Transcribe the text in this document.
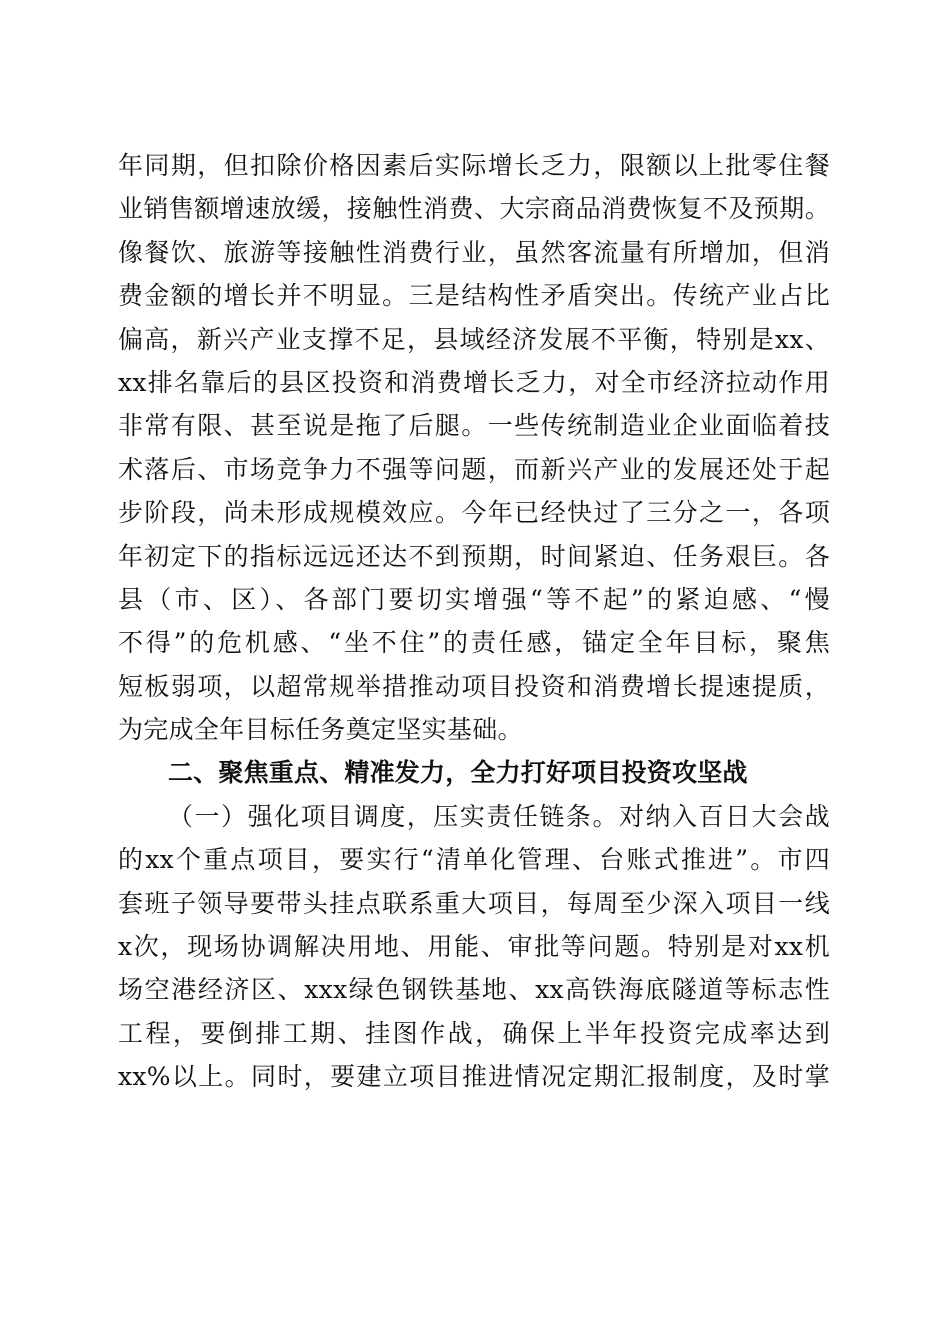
年同期，但扣除价格因素后实际增长乏力，限额以上批零住餐
业销售额增速放缓，接触性消费、大宗商品消费恢复不及预期。
像餐饮、旅游等接触性消费行业，虽然客流量有所增加，但消
费金额的增长并不明显。三是结构性矛盾突出。传统产业占比
偏高，新兴产业支撑不足，县域经济发展不平衡，特别是xx、
xx排名靠后的县区投资和消费增长乏力，对全市经济拉动作用
非常有限、甚至说是拖了后腿。一些传统制造业企业面临着技
术落后、市场竞争力不强等问题，而新兴产业的发展还处于起
步阶段，尚未形成规模效应。今年已经快过了三分之一，各项
年初定下的指标远远还达不到预期，时间紧迫、任务艰巨。各
县（市、区）、各部门要切实增强“等不起”的紧迫感、“慢
不得”的危机感、“坐不住”的责任感，锚定全年目标，聚焦
短板弱项，以超常规举措推动项目投资和消费增长提速提质，
为完成全年目标任务奠定坚实基础。
二、聚焦重点、精准发力，全力打好项目投资攻坚战
（一）强化项目调度，压实责任链条。对纳入百日大会战
的xx个重点项目，要实行“清单化管理、台账式推进”。市四
套班子领导要带头挂点联系重大项目，每周至少深入项目一线
x次，现场协调解决用地、用能、审批等问题。特别是对xx机
场空港经济区、xxx绿色钢铁基地、xx高铁海底隧道等标志性
工程，要倒排工期、挂图作战，确保上半年投资完成率达到
xx%以上。同时，要建立项目推进情况定期汇报制度，及时掌
